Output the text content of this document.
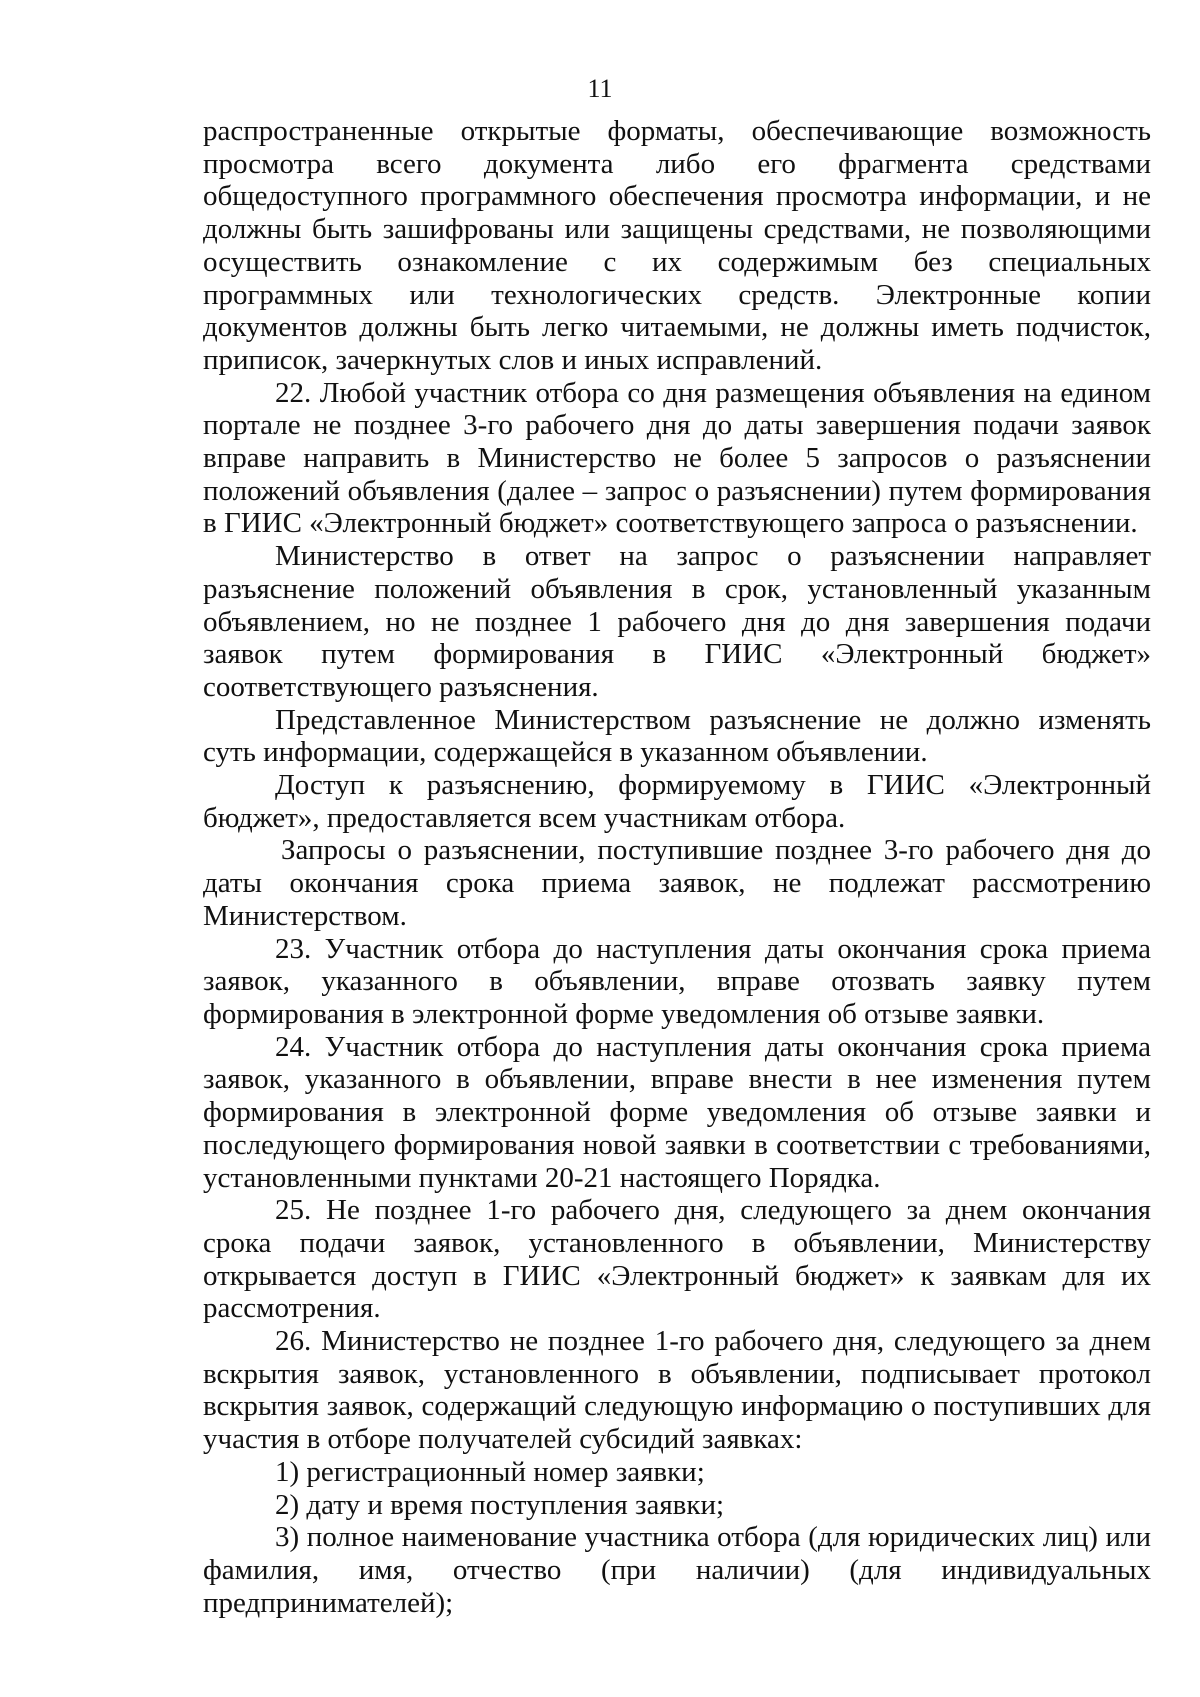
11

распространенные открытые форматы, обеспечивающие возможность просмотра всего документа либо его фрагмента средствами общедоступного программного обеспечения просмотра информации, и не должны быть зашифрованы или защищены средствами, не позволяющими осуществить ознакомление с их содержимым без специальных программных или технологических средств. Электронные копии документов должны быть легко читаемыми, не должны иметь подчисток, приписок, зачеркнутых слов и иных исправлений.

22. Любой участник отбора со дня размещения объявления на едином портале не позднее 3-го рабочего дня до даты завершения подачи заявок вправе направить в Министерство не более 5 запросов о разъяснении положений объявления (далее – запрос о разъяснении) путем формирования в ГИИС «Электронный бюджет» соответствующего запроса о разъяснении.

Министерство в ответ на запрос о разъяснении направляет разъяснение положений объявления в срок, установленный указанным объявлением, но не позднее 1 рабочего дня до дня завершения подачи заявок путем формирования в ГИИС «Электронный бюджет» соответствующего разъяснения.

Представленное Министерством разъяснение не должно изменять суть информации, содержащейся в указанном объявлении.

Доступ к разъяснению, формируемому в ГИИС «Электронный бюджет», предоставляется всем участникам отбора.

Запросы о разъяснении, поступившие позднее 3-го рабочего дня до даты окончания срока приема заявок, не подлежат рассмотрению Министерством.

23. Участник отбора до наступления даты окончания срока приема заявок, указанного в объявлении, вправе отозвать заявку путем формирования в электронной форме уведомления об отзыве заявки.

24. Участник отбора до наступления даты окончания срока приема заявок, указанного в объявлении, вправе внести в нее изменения путем формирования в электронной форме уведомления об отзыве заявки и последующего формирования новой заявки в соответствии с требованиями, установленными пунктами 20-21 настоящего Порядка.

25. Не позднее 1-го рабочего дня, следующего за днем окончания срока подачи заявок, установленного в объявлении, Министерству открывается доступ в ГИИС «Электронный бюджет» к заявкам для их рассмотрения.

26. Министерство не позднее 1-го рабочего дня, следующего за днем вскрытия заявок, установленного в объявлении, подписывает протокол вскрытия заявок, содержащий следующую информацию о поступивших для участия в отборе получателей субсидий заявках:

1) регистрационный номер заявки;

2) дату и время поступления заявки;

3) полное наименование участника отбора (для юридических лиц) или фамилия, имя, отчество (при наличии) (для индивидуальных предпринимателей);
